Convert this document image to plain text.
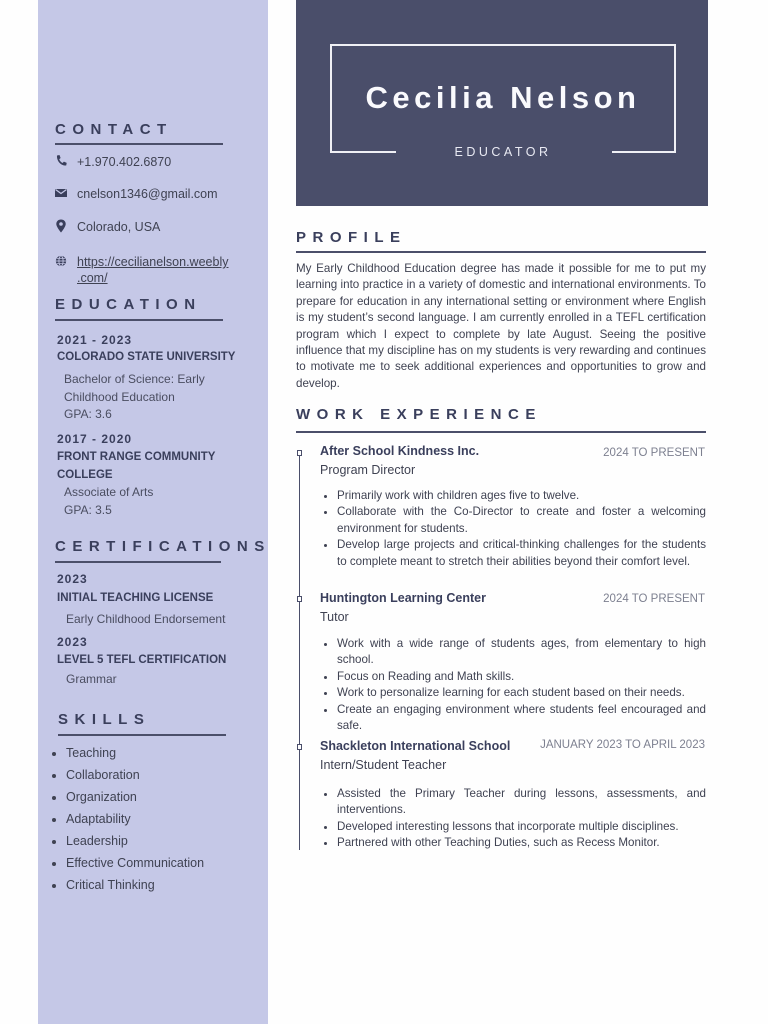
CONTACT
+1.970.402.6870
cnelson1346@gmail.com
Colorado, USA
https://cecilianelson.weebly
.com/
EDUCATION
2021 - 2023
COLORADO STATE UNIVERSITY
Bachelor of Science: Early Childhood Education
GPA: 3.6
2017 - 2020
FRONT RANGE COMMUNITY COLLEGE
Associate of Arts
GPA: 3.5
CERTIFICATIONS
2023
INITIAL TEACHING LICENSE
Early Childhood Endorsement
2023
LEVEL 5 TEFL CERTIFICATION
Grammar
SKILLS
• Teaching
• Collaboration
• Organization
• Adaptability
• Leadership
• Effective Communication
• Critical Thinking
Cecilia Nelson
EDUCATOR
PROFILE
My Early Childhood Education degree has made it possible for me to put my learning into practice in a variety of domestic and international environments. To prepare for education in any international setting or environment where English is my student’s second language. I am currently enrolled in a TEFL certification program which I expect to complete by late August. Seeing the positive influence that my discipline has on my students is very rewarding and continues to motivate me to seek additional experiences and opportunities to grow and develop.
WORK EXPERIENCE
After School Kindness Inc.	2024 TO PRESENT
Program Director
• Primarily work with children ages five to twelve.
• Collaborate with the Co-Director to create and foster a welcoming environment for students.
• Develop large projects and critical-thinking challenges for the students to complete meant to stretch their abilities beyond their comfort level.
Huntington Learning Center	2024 TO PRESENT
Tutor
• Work with a wide range of students ages, from elementary to high school.
• Focus on Reading and Math skills.
• Work to personalize learning for each student based on their needs.
• Create an engaging environment where students feel encouraged and safe.
Shackleton International School	JANUARY 2023 TO APRIL 2023
Intern/Student Teacher
• Assisted the Primary Teacher during lessons, assessments, and interventions.
• Developed interesting lessons that incorporate multiple disciplines.
• Partnered with other Teaching Duties, such as Recess Monitor.
